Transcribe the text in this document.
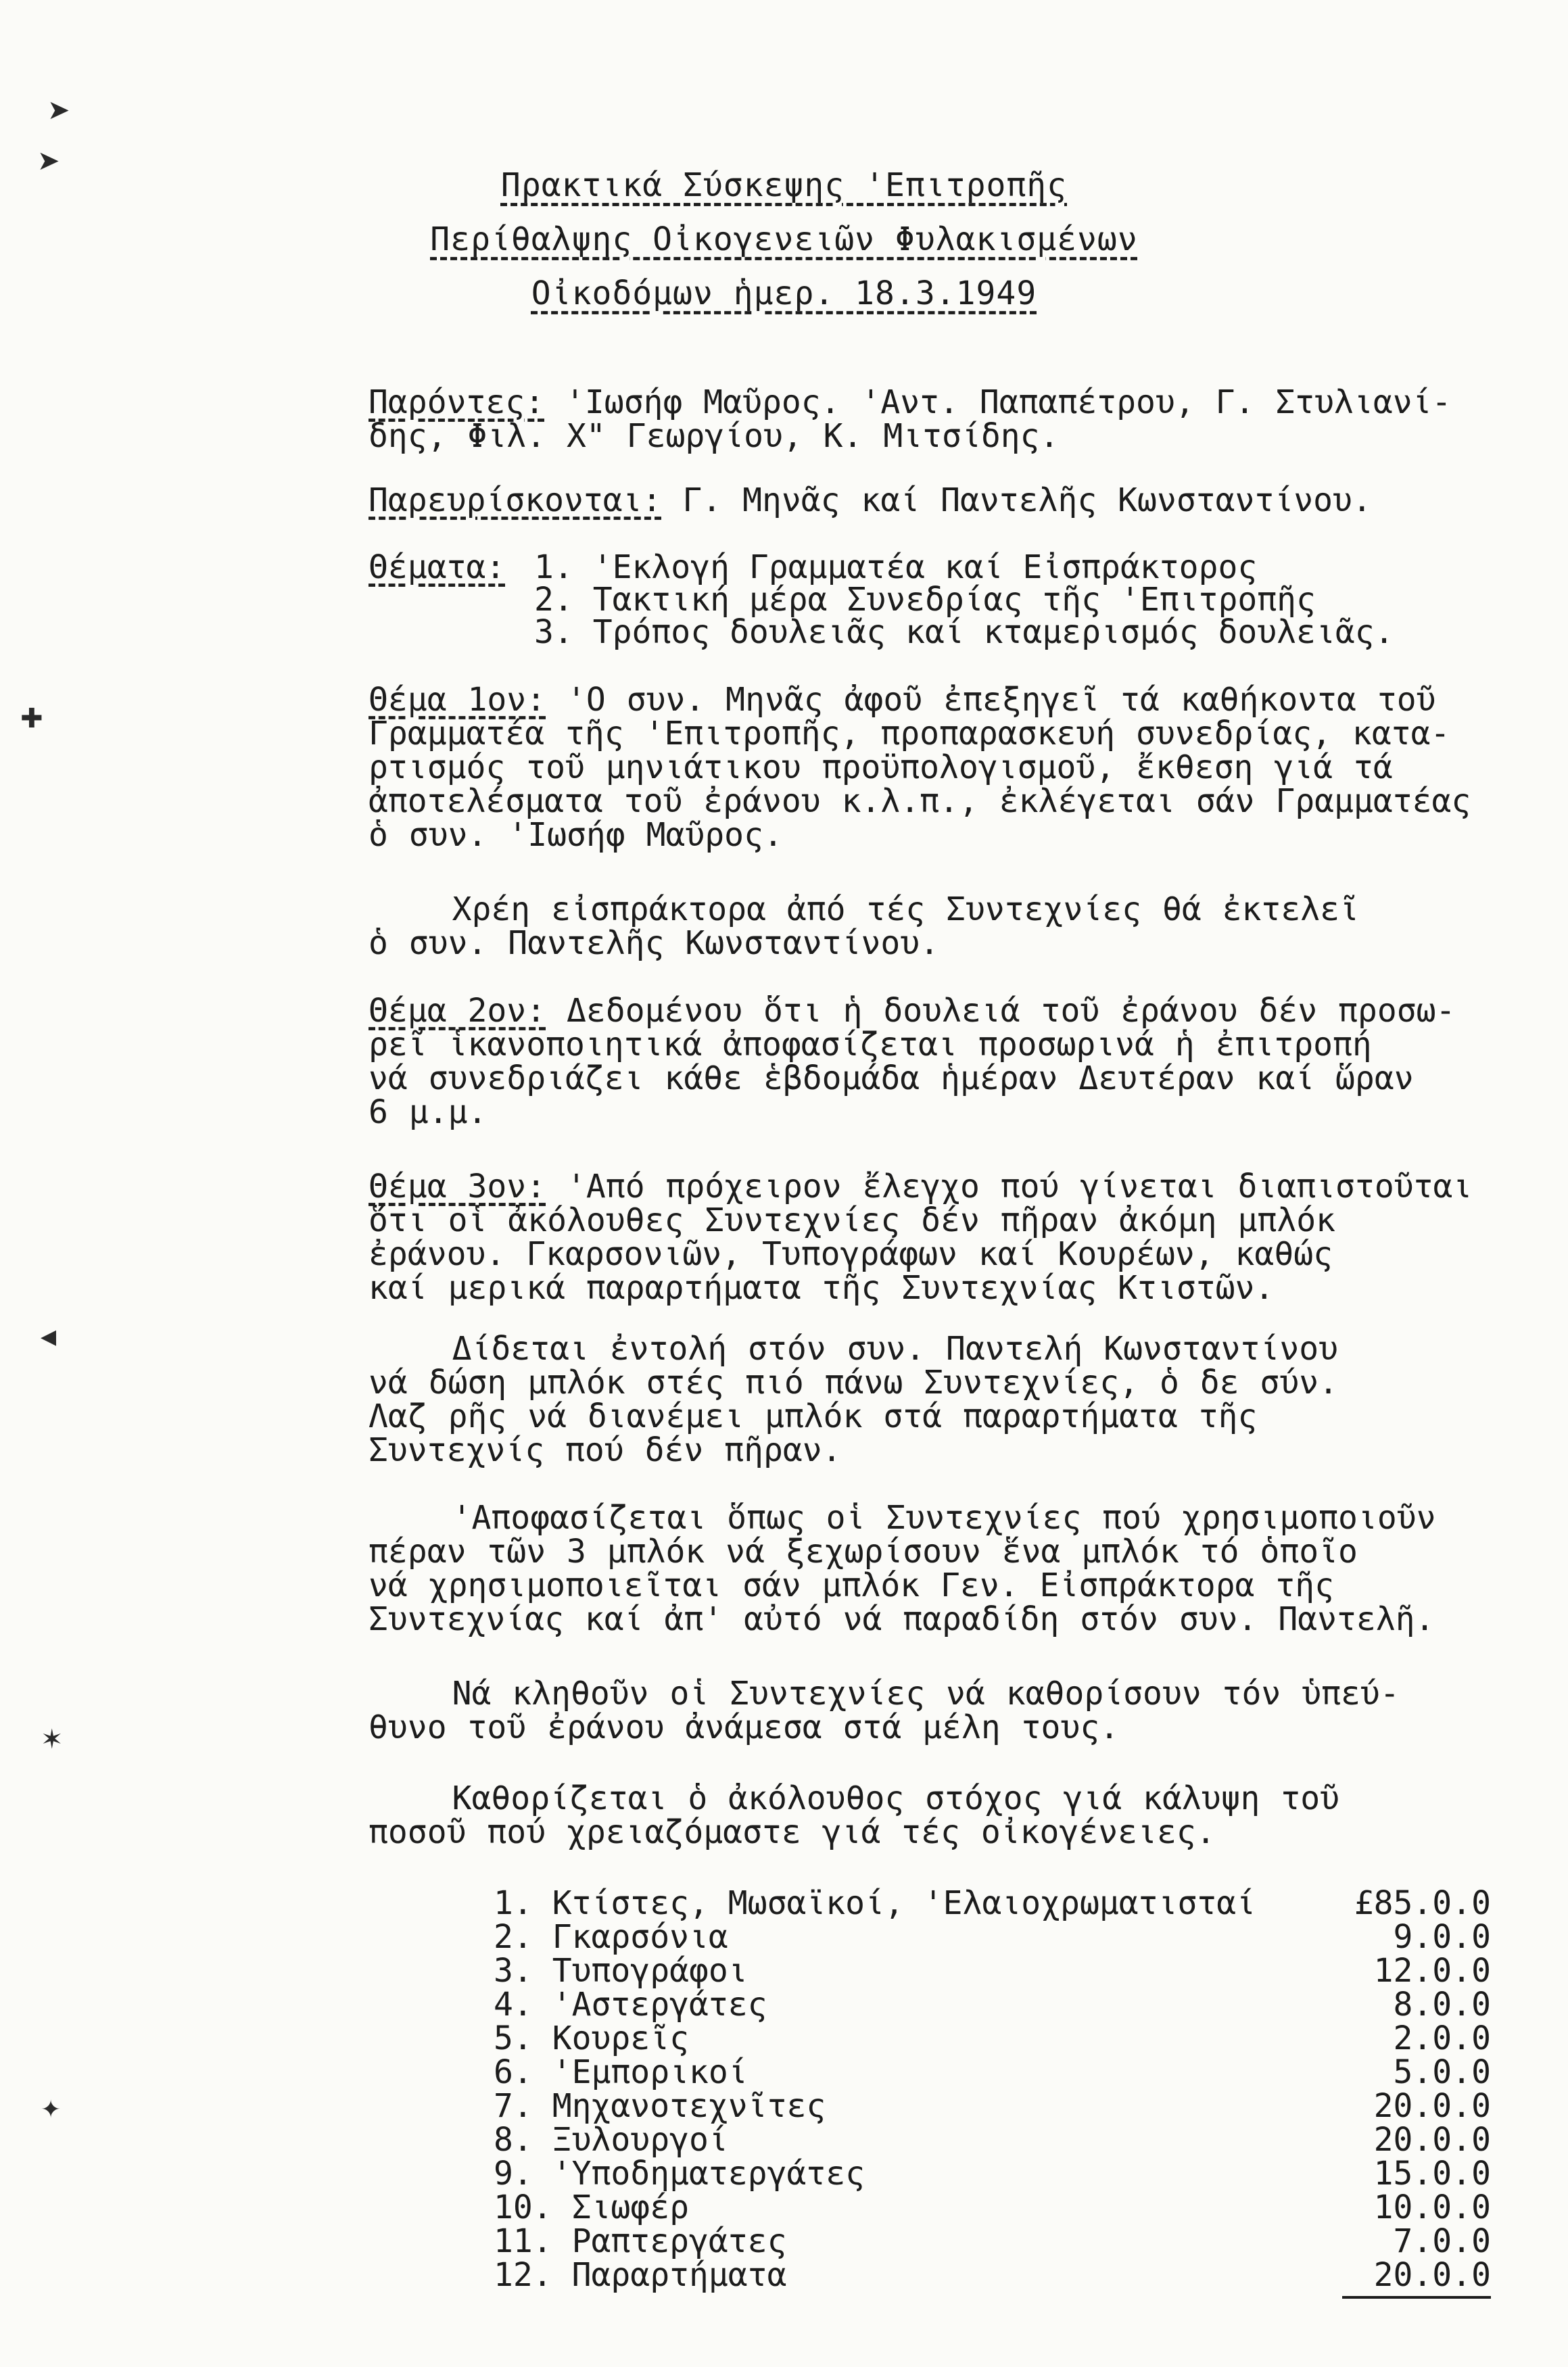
➤
➤
✚
◀
✶
✦
Πρακτικά Σύσκεψης 'Επιτροπῆς
Περίθαλψης Οἰκογενειῶν Φυλακισμένων
Οἰκοδόμων ἡμερ. 18.3.1949
Παρόντες: 'Ιωσήφ Μαῦρος. 'Αντ. Παπαπέτρου, Γ. Στυλιανί-
δης, Φιλ. Χ" Γεωργίου, Κ. Μιτσίδης.
Παρευρίσκονται: Γ. Μηνᾶς καί Παντελῆς Κωνσταντίνου.
Θέματα: 1. 'Εκλογή Γραμματέα καί Εἰσπράκτορος
2. Τακτική μέρα Συνεδρίας τῆς 'Επιτροπῆς
3. Τρόπος δουλειᾶς καί κταμερισμός δουλειᾶς.
Θέμα 1ον: 'Ο συν. Μηνᾶς ἀφοῦ ἐπεξηγεῖ τά καθήκοντα τοῦ
Γραμματέα τῆς 'Επιτροπῆς, προπαρασκευή συνεδρίας, κατα-
ρτισμός τοῦ μηνιάτικου προϋπολογισμοῦ, ἔκθεση γιά τά
ἀποτελέσματα τοῦ ἐράνου κ.λ.π., ἐκλέγεται σάν Γραμματέας
ὁ συν. 'Ιωσήφ Μαῦρος.
Χρέη εἰσπράκτορα ἀπό τές Συντεχνίες θά ἐκτελεῖ
ὁ συν. Παντελῆς Κωνσταντίνου.
Θέμα 2ον: Δεδομένου ὅτι ἡ δουλειά τοῦ ἐράνου δέν προσω-
ρεῖ ἱκανοποιητικά ἀποφασίζεται προσωρινά ἡ ἐπιτροπή
νά συνεδριάζει κάθε ἑβδομάδα ἡμέραν Δευτέραν καί ὥραν
6 μ.μ.
Θέμα 3ον: 'Από πρόχειρον ἔλεγχο πού γίνεται διαπιστοῦται
ὅτι οἱ ἀκόλουθες Συντεχνίες δέν πῆραν ἀκόμη μπλόκ
ἐράνου. Γκαρσονιῶν, Τυπογράφων καί Κουρέων, καθώς
καί μερικά παραρτήματα τῆς Συντεχνίας Κτιστῶν.
Δίδεται ἐντολή στόν συν. Παντελή Κωνσταντίνου
νά δώση μπλόκ στές πιό πάνω Συντεχνίες, ὁ δε σύν.
Λαζ ρῆς νά διανέμει μπλόκ στά παραρτήματα τῆς
Συντεχνίς πού δέν πῆραν.
'Αποφασίζεται ὅπως οἱ Συντεχνίες πού χρησιμοποιοῦν
πέραν τῶν 3 μπλόκ νά ξεχωρίσουν ἕνα μπλόκ τό ὁποῖο
νά χρησιμοποιεῖται σάν μπλόκ Γεν. Εἰσπράκτορα τῆς
Συντεχνίας καί ἀπ' αὐτό νά παραδίδη στόν συν. Παντελῆ.
Νά κληθοῦν οἱ Συντεχνίες νά καθορίσουν τόν ὑπεύ-
θυνο τοῦ ἐράνου ἀνάμεσα στά μέλη τους.
Καθορίζεται ὁ ἀκόλουθος στόχος γιά κάλυψη τοῦ
ποσοῦ πού χρειαζόμαστε γιά τές οἰκογένειες.
1. Κτίστες, Μωσαϊκοί, 'Ελαιοχρωματισταί	£85.0.0
2. Γκαρσόνια	9.0.0
3. Τυπογράφοι	12.0.0
4. 'Αστεργάτες	8.0.0
5. Κουρεῖς	2.0.0
6. 'Εμπορικοί	5.0.0
7. Μηχανοτεχνῖτες	20.0.0
8. Ξυλουργοί	20.0.0
9. 'Υποδηματεργάτες	15.0.0
10. Σιωφέρ	10.0.0
11. Ραπτεργάτες	7.0.0
12. Παραρτήματα	20.0.0
